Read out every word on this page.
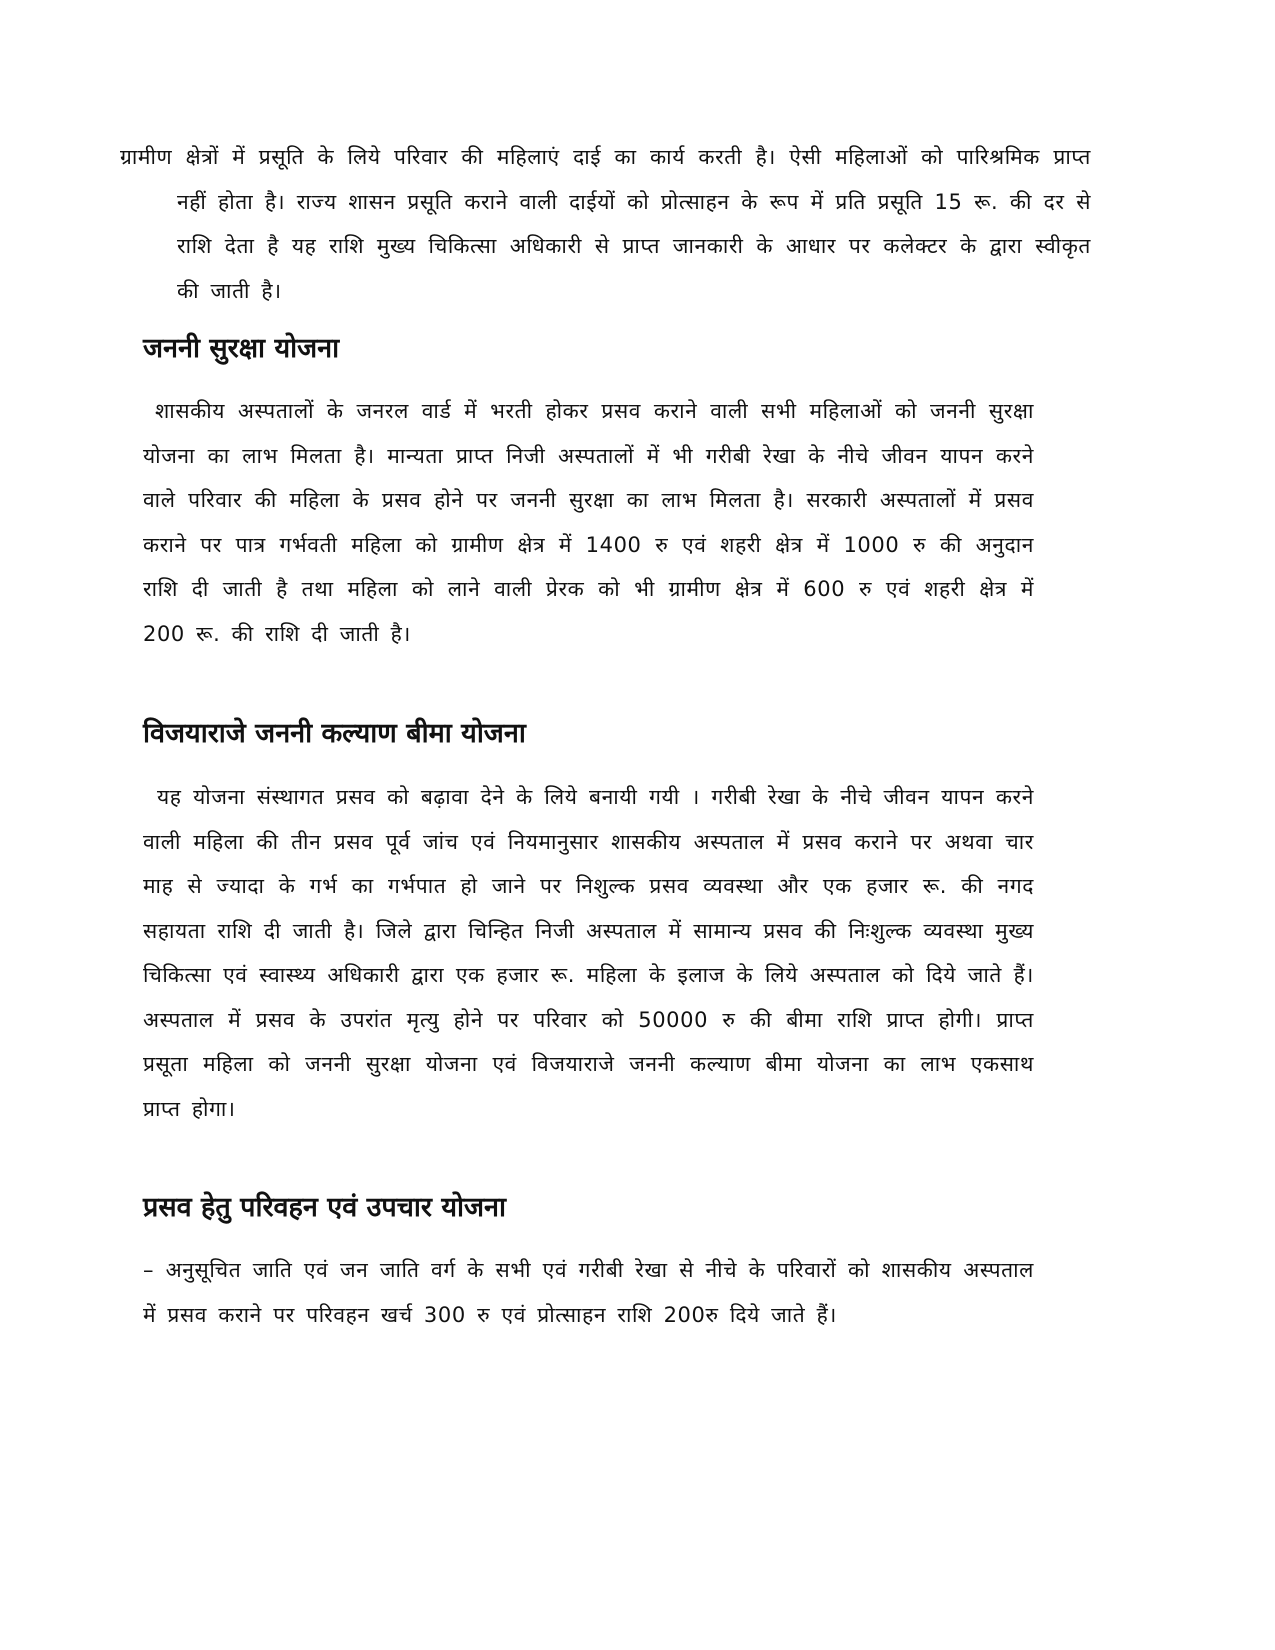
ग्रामीण क्षेत्रों में प्रसूति के लिये परिवार की महिलाएं दाई का कार्य करती है। ऐसी महिलाओं को पारिश्रमिक प्राप्त नहीं होता है। राज्य शासन प्रसूति कराने वाली दाईयों को प्रोत्साहन के रूप में प्रति प्रसूति 15 रू. की दर से राशि देता है यह राशि मुख्य चिकित्सा अधिकारी से प्राप्त जानकारी के आधार पर कलेक्टर के द्वारा स्वीकृत की जाती है।

जननी सुरक्षा योजना

शासकीय अस्पतालों के जनरल वार्ड में भरती होकर प्रसव कराने वाली सभी महिलाओं को जननी सुरक्षा योजना का लाभ मिलता है। मान्यता प्राप्त निजी अस्पतालों में भी गरीबी रेखा के नीचे जीवन यापन करने वाले परिवार की महिला के प्रसव होने पर जननी सुरक्षा का लाभ मिलता है। सरकारी अस्पतालों में प्रसव कराने पर पात्र गर्भवती महिला को ग्रामीण क्षेत्र में 1400 रु एवं शहरी क्षेत्र में 1000 रु की अनुदान राशि दी जाती है तथा महिला को लाने वाली प्रेरक को भी ग्रामीण क्षेत्र में 600 रु एवं शहरी क्षेत्र में 200 रू. की राशि दी जाती है।

विजयाराजे जननी कल्याण बीमा योजना

यह योजना संस्थागत प्रसव को बढ़ावा देने के लिये बनायी गयी । गरीबी रेखा के नीचे जीवन यापन करने वाली महिला की तीन प्रसव पूर्व जांच एवं नियमानुसार शासकीय अस्पताल में प्रसव कराने पर अथवा चार माह से ज्यादा के गर्भ का गर्भपात हो जाने पर निशुल्क प्रसव व्यवस्था और एक हजार रू. की नगद सहायता राशि दी जाती है। जिले द्वारा चिन्हित निजी अस्पताल में सामान्य प्रसव की निःशुल्क व्यवस्था मुख्य चिकित्सा एवं स्वास्थ्य अधिकारी द्वारा एक हजार रू. महिला के इलाज के लिये अस्पताल को दिये जाते हैं। अस्पताल में प्रसव के उपरांत मृत्यु होने पर परिवार को 50000 रु की बीमा राशि प्राप्त होगी। प्राप्त प्रसूता महिला को जननी सुरक्षा योजना एवं विजयाराजे जननी कल्याण बीमा योजना का लाभ एकसाथ प्राप्त होगा।

प्रसव हेतु परिवहन एवं उपचार योजना

– अनुसूचित जाति एवं जन जाति वर्ग के सभी एवं गरीबी रेखा से नीचे के परिवारों को शासकीय अस्पताल में प्रसव कराने पर परिवहन खर्च 300 रु एवं प्रोत्साहन राशि 200रु दिये जाते हैं।
